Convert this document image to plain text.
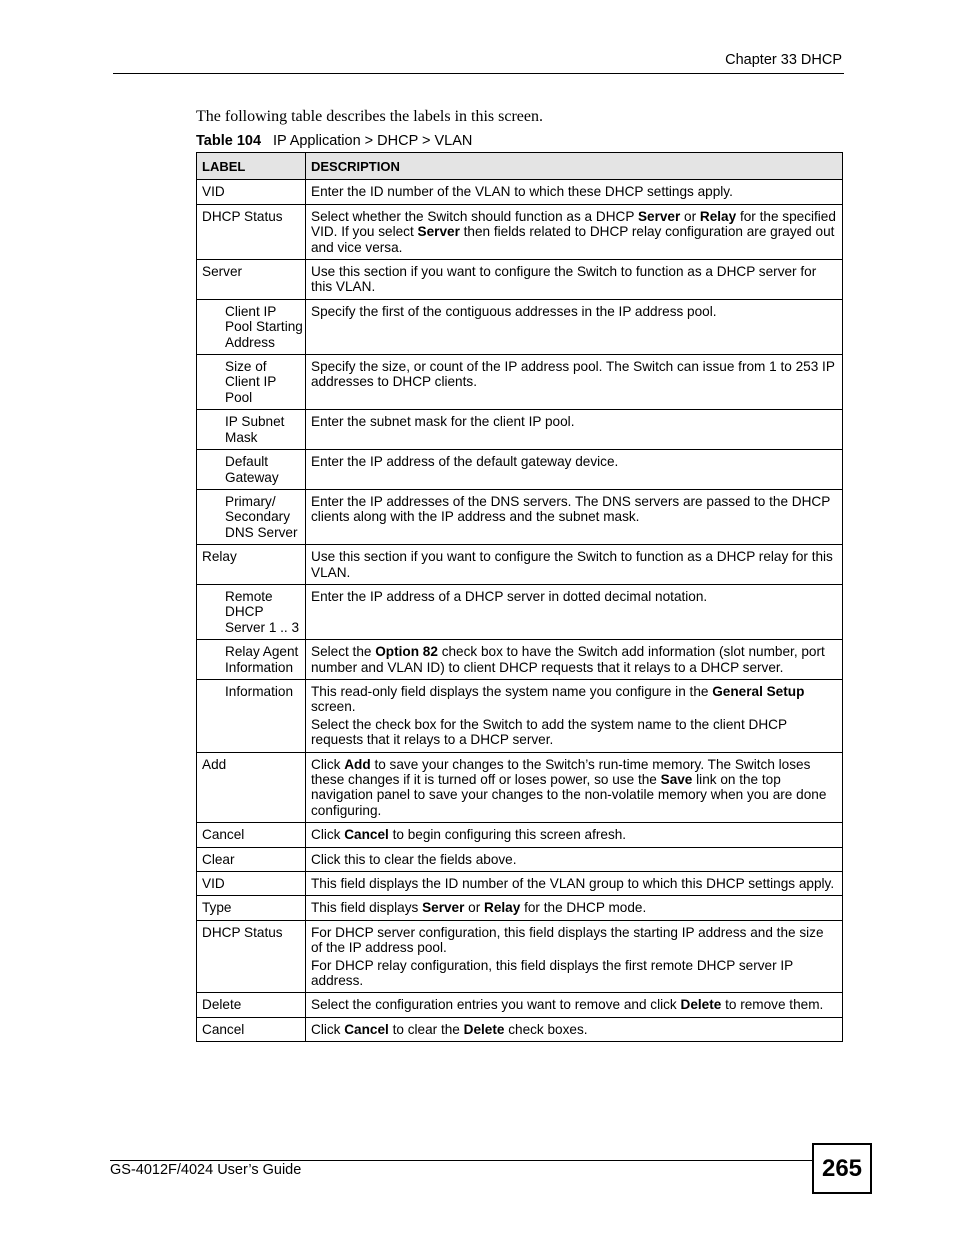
Chapter 33 DHCP
The following table describes the labels in this screen.
Table 104 IP Application > DHCP > VLAN
LABEL	DESCRIPTION
VID	Enter the ID number of the VLAN to which these DHCP settings apply.

DHCP Status	Select whether the Switch should function as a DHCP Server or Relay for the specified VID. If you select Server then fields related to DHCP relay configuration are grayed out and vice versa.

Server	Use this section if you want to configure the Switch to function as a DHCP server for this VLAN.

Client IP Pool Starting Address	Specify the first of the contiguous addresses in the IP address pool.

Size of Client IP Pool	Specify the size, or count of the IP address pool. The Switch can issue from 1 to 253 IP addresses to DHCP clients.

IP Subnet Mask	Enter the subnet mask for the client IP pool.

Default Gateway	Enter the IP address of the default gateway device.

Primary/ Secondary DNS Server	Enter the IP addresses of the DNS servers. The DNS servers are passed to the DHCP clients along with the IP address and the subnet mask.

Relay	Use this section if you want to configure the Switch to function as a DHCP relay for this VLAN.

Remote DHCP Server 1 .. 3	Enter the IP address of a DHCP server in dotted decimal notation.

Relay Agent Information	Select the Option 82 check box to have the Switch add information (slot number, port number and VLAN ID) to client DHCP requests that it relays to a DHCP server.

Information	This read-only field displays the system name you configure in the General Setup screen.

Select the check box for the Switch to add the system name to the client DHCP requests that it relays to a DHCP server.

Add	Click Add to save your changes to the Switch’s run-time memory. The Switch loses these changes if it is turned off or loses power, so use the Save link on the top navigation panel to save your changes to the non-volatile memory when you are done configuring.

Cancel	Click Cancel to begin configuring this screen afresh.

Clear	Click this to clear the fields above.

VID	This field displays the ID number of the VLAN group to which this DHCP settings apply.

Type	This field displays Server or Relay for the DHCP mode.

DHCP Status	For DHCP server configuration, this field displays the starting IP address and the size of the IP address pool.

For DHCP relay configuration, this field displays the first remote DHCP server IP address.

Delete	Select the configuration entries you want to remove and click Delete to remove them.

Cancel	Click Cancel to clear the Delete check boxes.

GS-4012F/4024 User’s Guide	265
